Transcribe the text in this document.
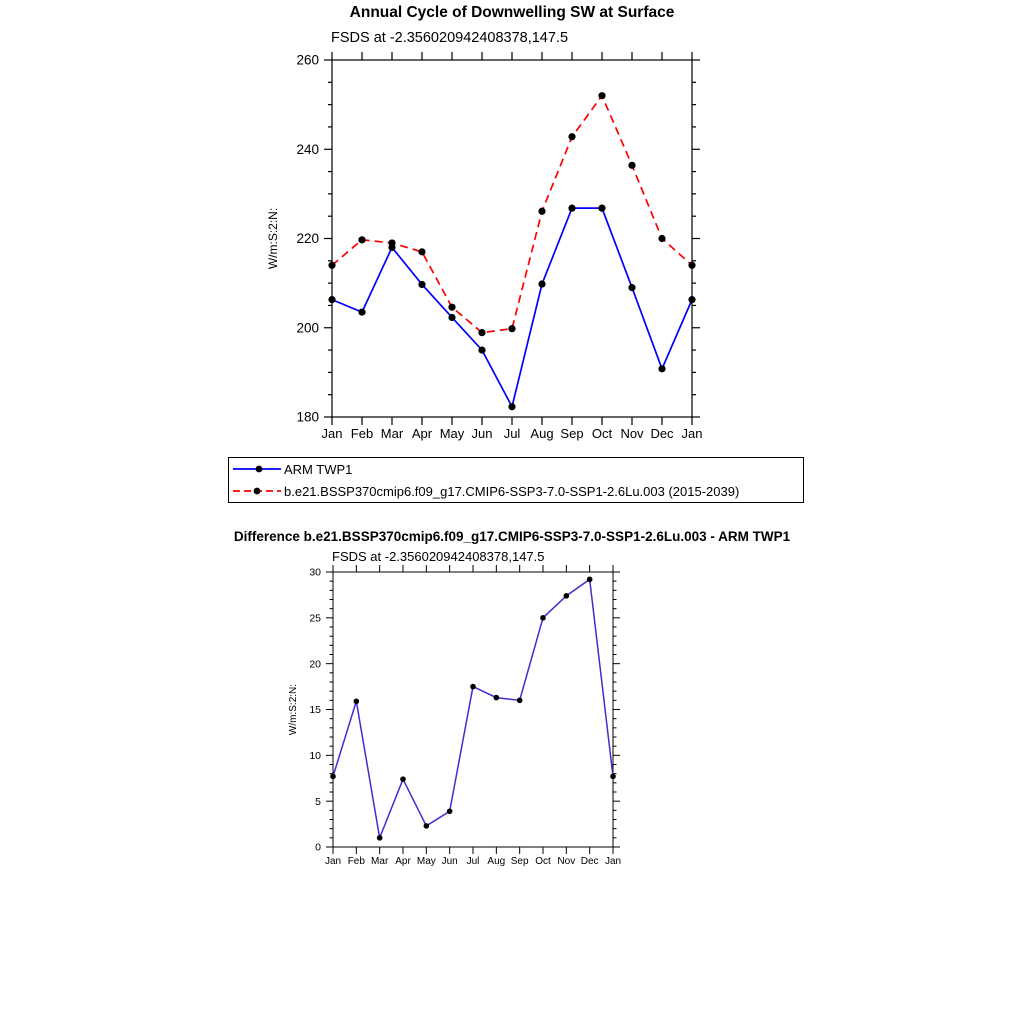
Annual Cycle of Downwelling SW at Surface
FSDS at -2.356020942408378,147.5
Jan Feb Mar Apr May Jun Jul Aug Sep Oct Nov Dec Jan
180
200
220
240
260
W/m:S:2:N:
ARM TWP1
b.e21.BSSP370cmip6.f09_g17.CMIP6-SSP3-7.0-SSP1-2.6Lu.003 (2015-2039)
Difference b.e21.BSSP370cmip6.f09_g17.CMIP6-SSP3-7.0-SSP1-2.6Lu.003 - ARM TWP1
FSDS at -2.356020942408378,147.5
Jan Feb Mar Apr May Jun Jul Aug Sep Oct Nov Dec Jan
0
5
10
15
20
25
30
W/m:S:2:N:
